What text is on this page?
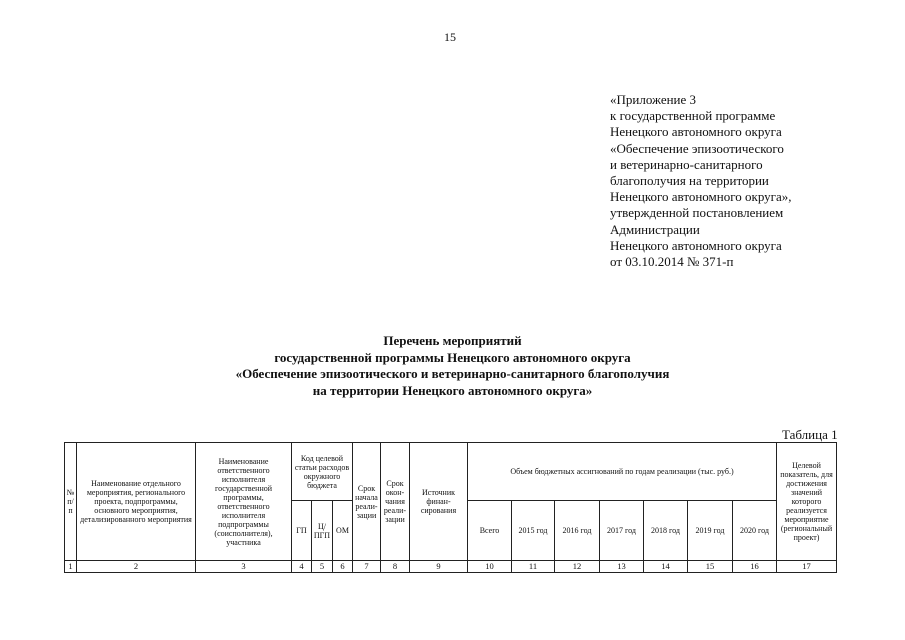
15
«Приложение 3
к государственной программе
Ненецкого автономного округа
«Обеспечение эпизоотического
и ветеринарно-санитарного
благополучия на территории
Ненецкого автономного округа»,
утвержденной постановлением
Администрации
Ненецкого автономного округа
от 03.10.2014 № 371-п
Перечень мероприятий
государственной программы Ненецкого автономного округа
«Обеспечение эпизоотического и ветеринарно-санитарного благополучия
на территории Ненецкого автономного округа»
Таблица 1
№ п/п	Наименование отдельного мероприятия, регионального проекта, подпрограммы, основного мероприятия, детализированного мероприятия	Наименование ответственного исполнителя государственной программы, ответственного исполнителя подпрограммы (соисполнителя), участника	Код целевой статьи расходов окружного бюджета			Срок начала реали-зации	Срок окон-чания реали-зации	Источник финан-сирования	Объем бюджетных ассигнований по годам реализации (тыс. руб.)							Целевой показатель, для достижения значений которого реализуется мероприятие (региональный проект)
			ГП	Ц/ПГП	ОМ				Всего	2015 год	2016 год	2017 год	2018 год	2019 год	2020 год	
1	2	3	4	5	6	7	8	9	10	11	12	13	14	15	16	17
